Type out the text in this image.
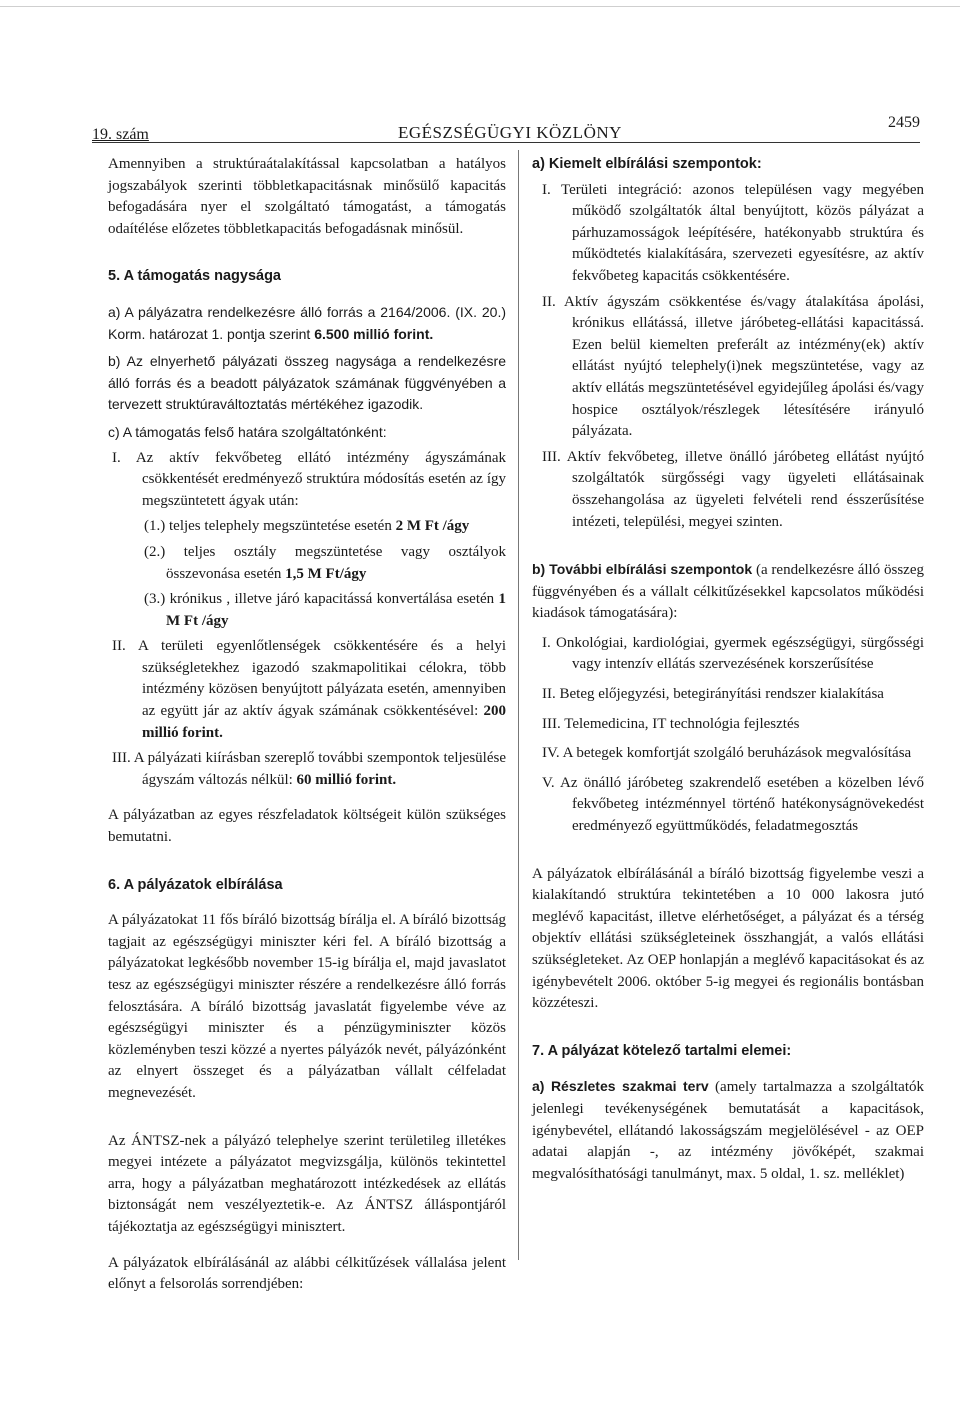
19. szám	EGÉSZSÉGÜGYI KÖZLÖNY
2459

Amennyiben a struktúraátalakítással kapcsolatban a hatályos jogszabályok szerinti többletkapacitásnak minősülő kapacitás befogadására nyer el szolgáltató támogatást, a támogatás odaítélése előzetes többletkapacitás befogadásnak minősül.

5. A támogatás nagysága

a) A pályázatra rendelkezésre álló forrás a 2164/2006. (IX. 20.) Korm. határozat 1. pontja szerint 6.500 millió forint.

b) Az elnyerhető pályázati összeg nagysága a rendelkezésre álló forrás és a beadott pályázatok számának függvényében a tervezett struktúraváltoztatás mértékéhez igazodik.

c) A támogatás felső határa szolgáltatónként:

I. Az aktív fekvőbeteg ellátó intézmény ágyszámának csökkentését eredményező struktúra módosítás esetén az így megszüntetett ágyak után:

(1.) teljes telephely megszüntetése esetén 2 M Ft /ágy

(2.) teljes osztály megszüntetése vagy osztályok összevonása esetén 1,5 M Ft/ágy

(3.) krónikus , illetve járó kapacitássá konvertálása esetén 1 M Ft /ágy

II. A területi egyenlőtlenségek csökkentésére és a helyi szükségletekhez igazodó szakmapolitikai célokra, több intézmény közösen benyújtott pályázata esetén, amennyiben az együtt jár az aktív ágyak számának csökkentésével: 200 millió forint.

III. A pályázati kiírásban szereplő további szempontok teljesülése ágyszám változás nélkül: 60 millió forint.

A pályázatban az egyes részfeladatok költségeit külön szükséges bemutatni.

6. A pályázatok elbírálása

A pályázatokat 11 fős bíráló bizottság bírálja el. A bíráló bizottság tagjait az egészségügyi miniszter kéri fel. A bíráló bizottság a pályázatokat legkésőbb november 15-ig bírálja el, majd javaslatot tesz az egészségügyi miniszter részére a rendelkezésre álló forrás felosztására. A bíráló bizottság javaslatát figyelembe véve az egészségügyi miniszter és a pénzügyminiszter közös közleményben teszi közzé a nyertes pályázók nevét, pályázónként az elnyert összeget és a pályázatban vállalt célfeladat megnevezését.

Az ÁNTSZ-nek a pályázó telephelye szerint területileg illetékes megyei intézete a pályázatot megvizsgálja, különös tekintettel arra, hogy a pályázatban meghatározott intézkedések az ellátás biztonságát nem veszélyeztetik-e. Az ÁNTSZ álláspontjáról tájékoztatja az egészségügyi minisztert.

A pályázatok elbírálásánál az alábbi célkitűzések vállalása jelent előnyt a felsorolás sorrendjében:

a) Kiemelt elbírálási szempontok:

I. Területi integráció: azonos településen vagy megyében működő szolgáltatók által benyújtott, közös pályázat a párhuzamosságok leépítésére, hatékonyabb struktúra és működtetés kialakítására, szervezeti egyesítésre, az aktív fekvőbeteg kapacitás csökkentésére.

II. Aktív ágyszám csökkentése és/vagy átalakítása ápolási, krónikus ellátássá, illetve járóbeteg-ellátási kapacitássá. Ezen belül kiemelten preferált az intézmény(ek) aktív ellátást nyújtó telephely(i)nek megszüntetése, vagy az aktív ellátás megszüntetésével egyidejűleg ápolási és/vagy hospice osztályok/részlegek létesítésére irányuló pályázata.

III. Aktív fekvőbeteg, illetve önálló járóbeteg ellátást nyújtó szolgáltatók sürgősségi vagy ügyeleti ellátásainak összehangolása az ügyeleti felvételi rend ésszerűsítése intézeti, települési, megyei szinten.

b) További elbírálási szempontok (a rendelkezésre álló összeg függvényében és a vállalt célkitűzésekkel kapcsolatos működési kiadások támogatására):

I. Onkológiai, kardiológiai, gyermek egészségügyi, sürgősségi vagy intenzív ellátás szervezésének korszerűsítése

II. Beteg előjegyzési, betegirányítási rendszer kialakítása

III. Telemedicina, IT technológia fejlesztés

IV. A betegek komfortját szolgáló beruházások megvalósítása

V. Az önálló járóbeteg szakrendelő esetében a közelben lévő fekvőbeteg intézménnyel történő hatékonyságnövekedést eredményező együttműködés, feladatmegosztás

A pályázatok elbírálásánál a bíráló bizottság figyelembe veszi a kialakítandó struktúra tekintetében a 10 000 lakosra jutó meglévő kapacitást, illetve elérhetőséget, a pályázat és a térség objektív ellátási szükségleteinek összhangját, a valós ellátási szükségleteket. Az OEP honlapján a meglévő kapacitásokat és az igénybevételt 2006. október 5-ig megyei és regionális bontásban közzéteszi.

7. A pályázat kötelező tartalmi elemei:

a) Részletes szakmai terv (amely tartalmazza a szolgáltatók jelenlegi tevékenységének bemutatását a kapacitások, igénybevétel, ellátandó lakosságszám megjelölésével - az OEP adatai alapján -, az intézmény jövőképét, szakmai megvalósíthatósági tanulmányt, max. 5 oldal, 1. sz. melléklet)
